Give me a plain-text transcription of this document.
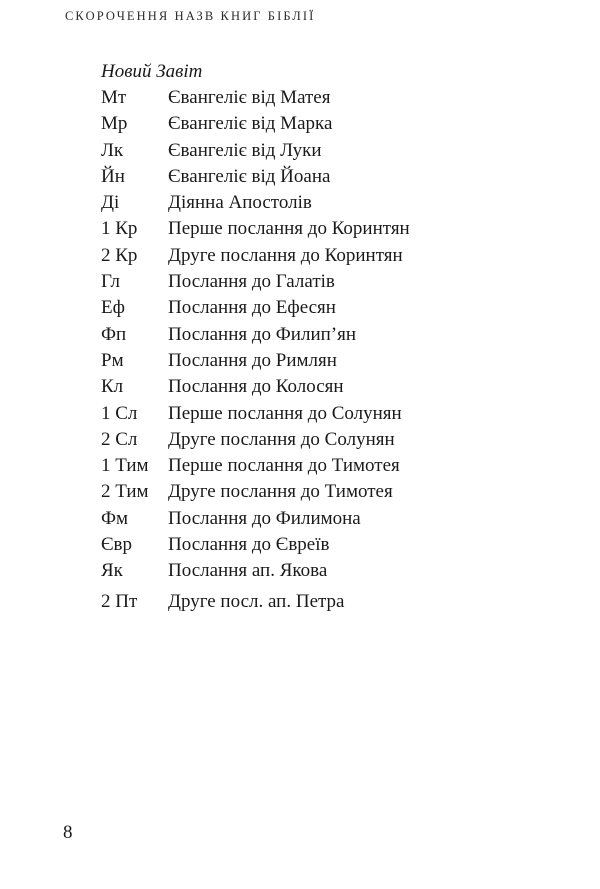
СКОРОЧЕННЯ НАЗВ КНИГ БІБЛІЇ
Новий Завіт
Мт	Євангеліє від Матея
Мр	Євангеліє від Марка
Лк	Євангеліє від Луки
Йн	Євангеліє від Йоана
Ді	Діянна Апостолів
1 Кр	Перше послання до Коринтян
2 Кр	Друге послання до Коринтян
Гл	Послання до Галатів
Еф	Послання до Ефесян
Фп	Послання до Филип’ян
Рм	Послання до Римлян
Кл	Послання до Колосян
1 Сл	Перше послання до Солунян
2 Сл	Друге послання до Солунян
1 Тим	Перше послання до Тимотея
2 Тим	Друге послання до Тимотея
Фм	Послання до Филимона
Євр	Послання до Євреїв
Як	Послання ап. Якова
2 Пт	Друге посл. ап. Петра
8
